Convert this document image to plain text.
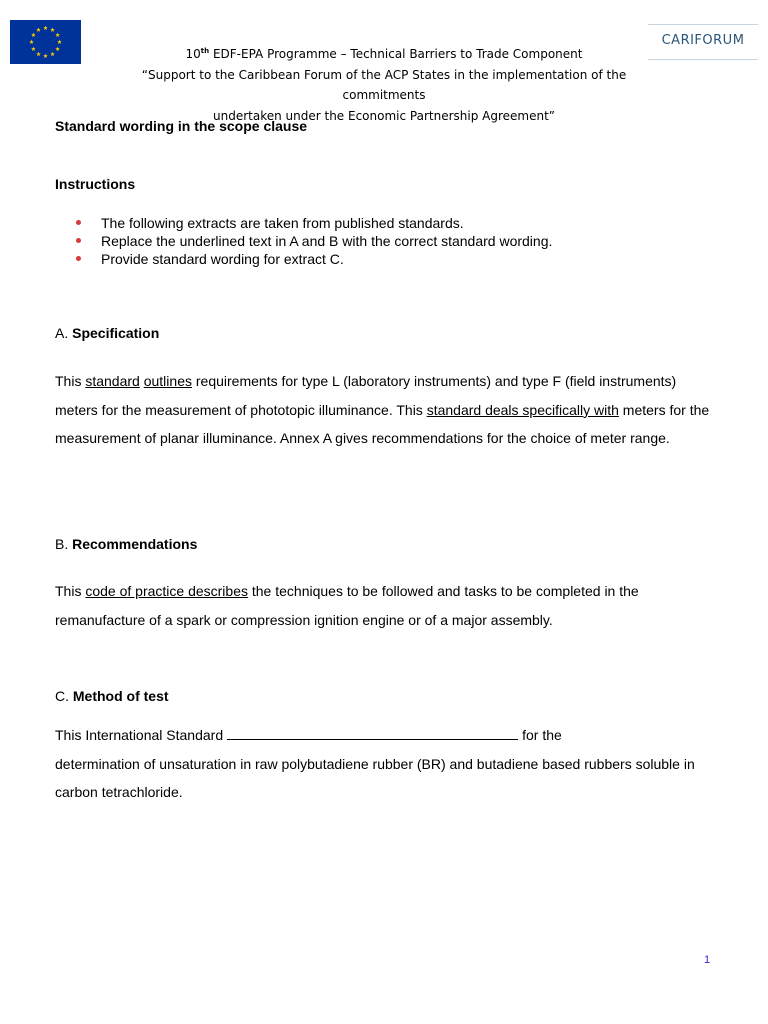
CARIFORUM
10th EDF-EPA Programme – Technical Barriers to Trade Component
“Support to the Caribbean Forum of the ACP States in the implementation of the commitments
undertaken under the Economic Partnership Agreement”
Standard wording in the scope clause
Instructions
The following extracts are taken from published standards.
Replace the underlined text in A and B with the correct standard wording.
Provide standard wording for extract C.
A. Specification
This standard outlines requirements for type L (laboratory instruments) and type F (field instruments) meters for the measurement of phototopic illuminance. This standard deals specifically with meters for the measurement of planar illuminance. Annex A gives recommendations for the choice of meter range.
B. Recommendations
This code of practice describes the techniques to be followed and tasks to be completed in the remanufacture of a spark or compression ignition engine or of a major assembly.
C. Method of test
This International Standard	for the
determination of unsaturation in raw polybutadiene rubber (BR) and butadiene based rubbers soluble in carbon tetrachloride.
1
